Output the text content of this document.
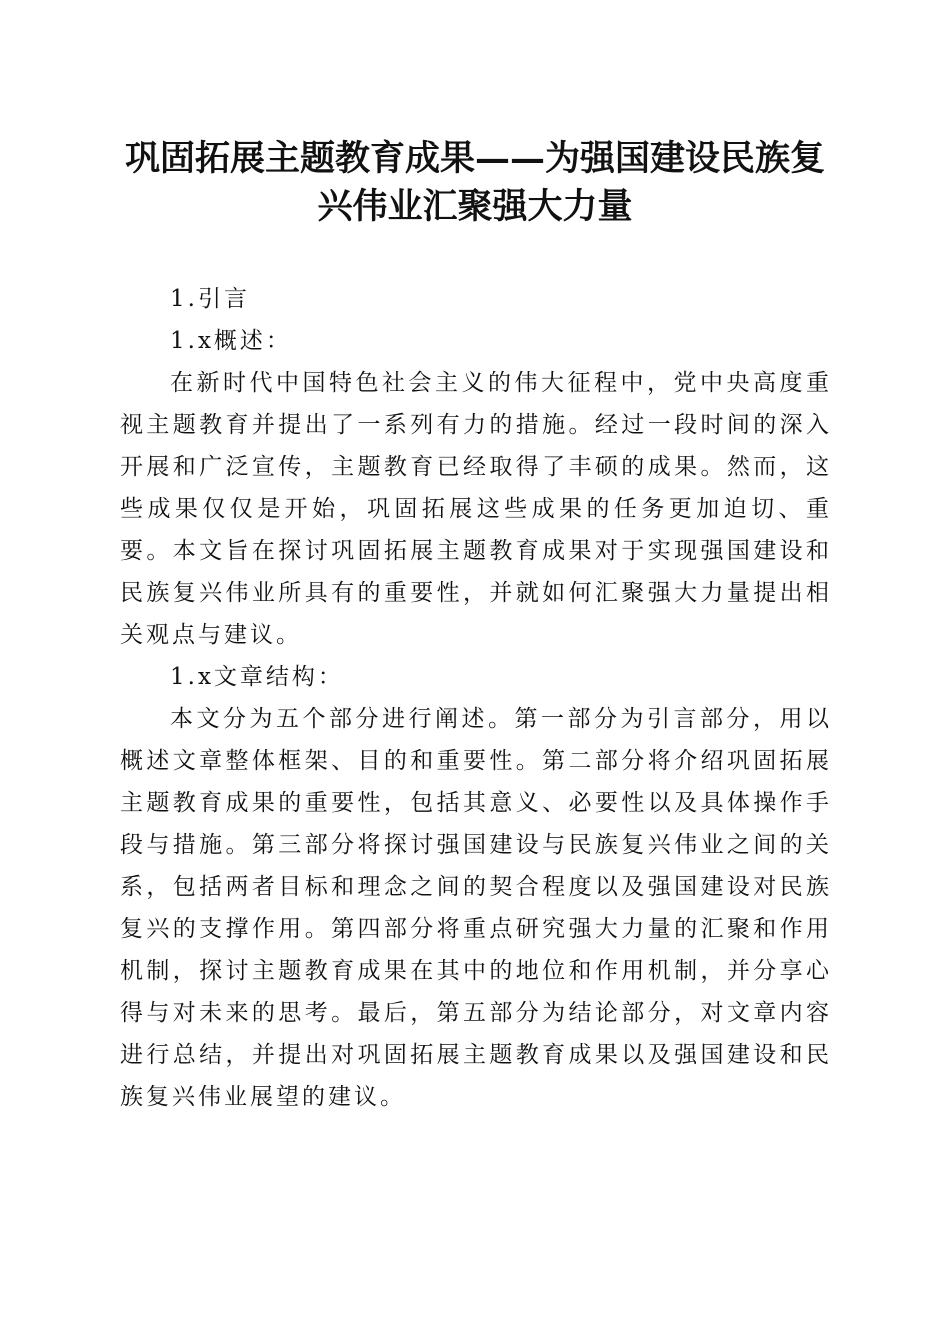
巩固拓展主题教育成果——为强国建设民族复
兴伟业汇聚强大力量

1.引言

1.x概述：

在新时代中国特色社会主义的伟大征程中，党中央高度重视主题教育并提出了一系列有力的措施。经过一段时间的深入开展和广泛宣传，主题教育已经取得了丰硕的成果。然而，这些成果仅仅是开始，巩固拓展这些成果的任务更加迫切、重要。本文旨在探讨巩固拓展主题教育成果对于实现强国建设和民族复兴伟业所具有的重要性，并就如何汇聚强大力量提出相关观点与建议。

1.x文章结构：

本文分为五个部分进行阐述。第一部分为引言部分，用以概述文章整体框架、目的和重要性。第二部分将介绍巩固拓展主题教育成果的重要性，包括其意义、必要性以及具体操作手段与措施。第三部分将探讨强国建设与民族复兴伟业之间的关系，包括两者目标和理念之间的契合程度以及强国建设对民族复兴的支撑作用。第四部分将重点研究强大力量的汇聚和作用机制，探讨主题教育成果在其中的地位和作用机制，并分享心得与对未来的思考。最后，第五部分为结论部分，对文章内容进行总结，并提出对巩固拓展主题教育成果以及强国建设和民族复兴伟业展望的建议。
